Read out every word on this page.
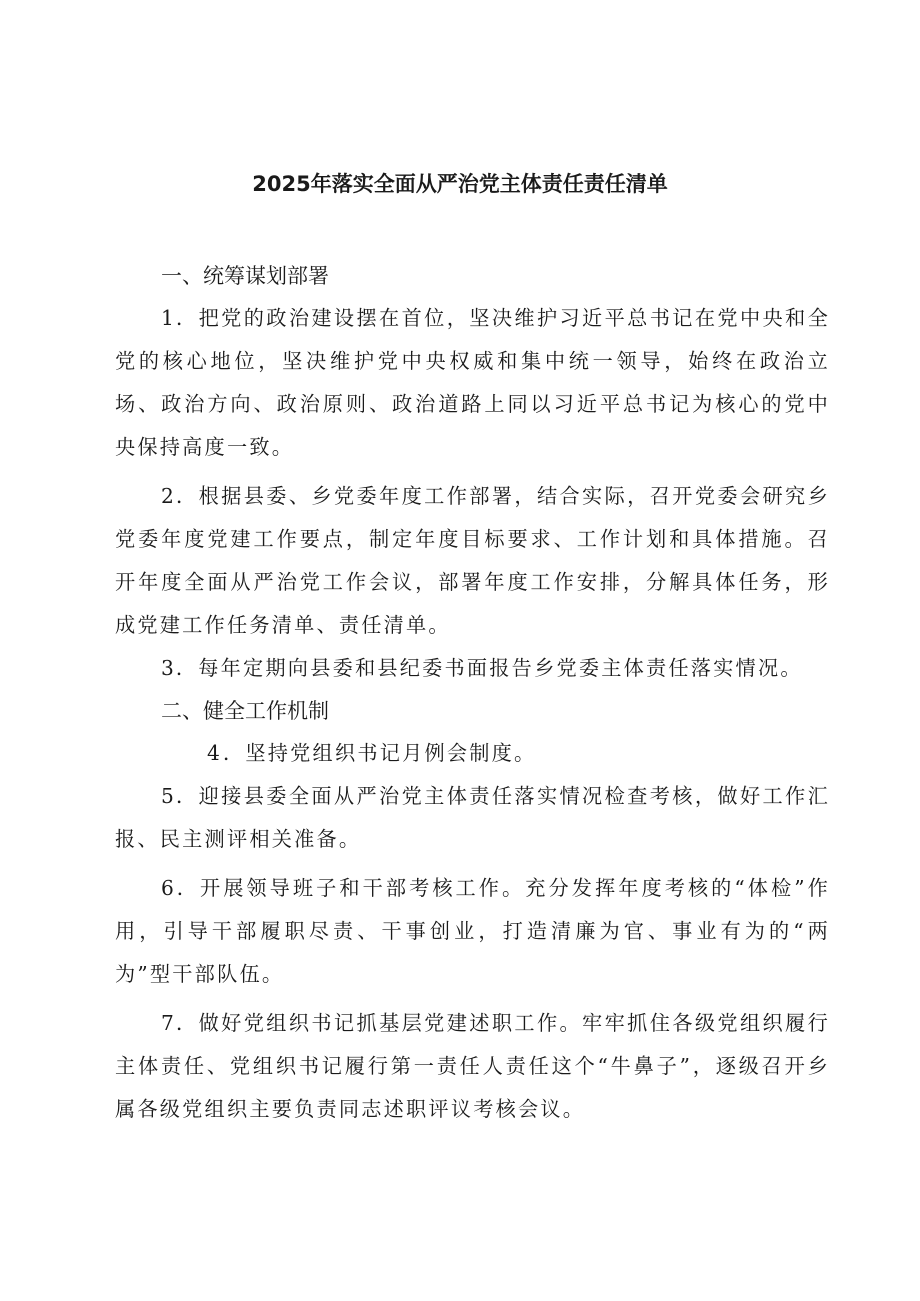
2025年落实全面从严治党主体责任责任清单

一、统筹谋划部署

1．把党的政治建设摆在首位，坚决维护习近平总书记在党中央和全党的核心地位，坚决维护党中央权威和集中统一领导，始终在政治立场、政治方向、政治原则、政治道路上同以习近平总书记为核心的党中央保持高度一致。

2．根据县委、乡党委年度工作部署，结合实际，召开党委会研究乡党委年度党建工作要点，制定年度目标要求、工作计划和具体措施。召开年度全面从严治党工作会议，部署年度工作安排，分解具体任务，形成党建工作任务清单、责任清单。

3．每年定期向县委和县纪委书面报告乡党委主体责任落实情况。

二、健全工作机制

4．坚持党组织书记月例会制度。

5．迎接县委全面从严治党主体责任落实情况检查考核，做好工作汇报、民主测评相关准备。

6．开展领导班子和干部考核工作。充分发挥年度考核的“体检”作用，引导干部履职尽责、干事创业，打造清廉为官、事业有为的“两为”型干部队伍。

7．做好党组织书记抓基层党建述职工作。牢牢抓住各级党组织履行主体责任、党组织书记履行第一责任人责任这个“牛鼻子”，逐级召开乡属各级党组织主要负责同志述职评议考核会议。
